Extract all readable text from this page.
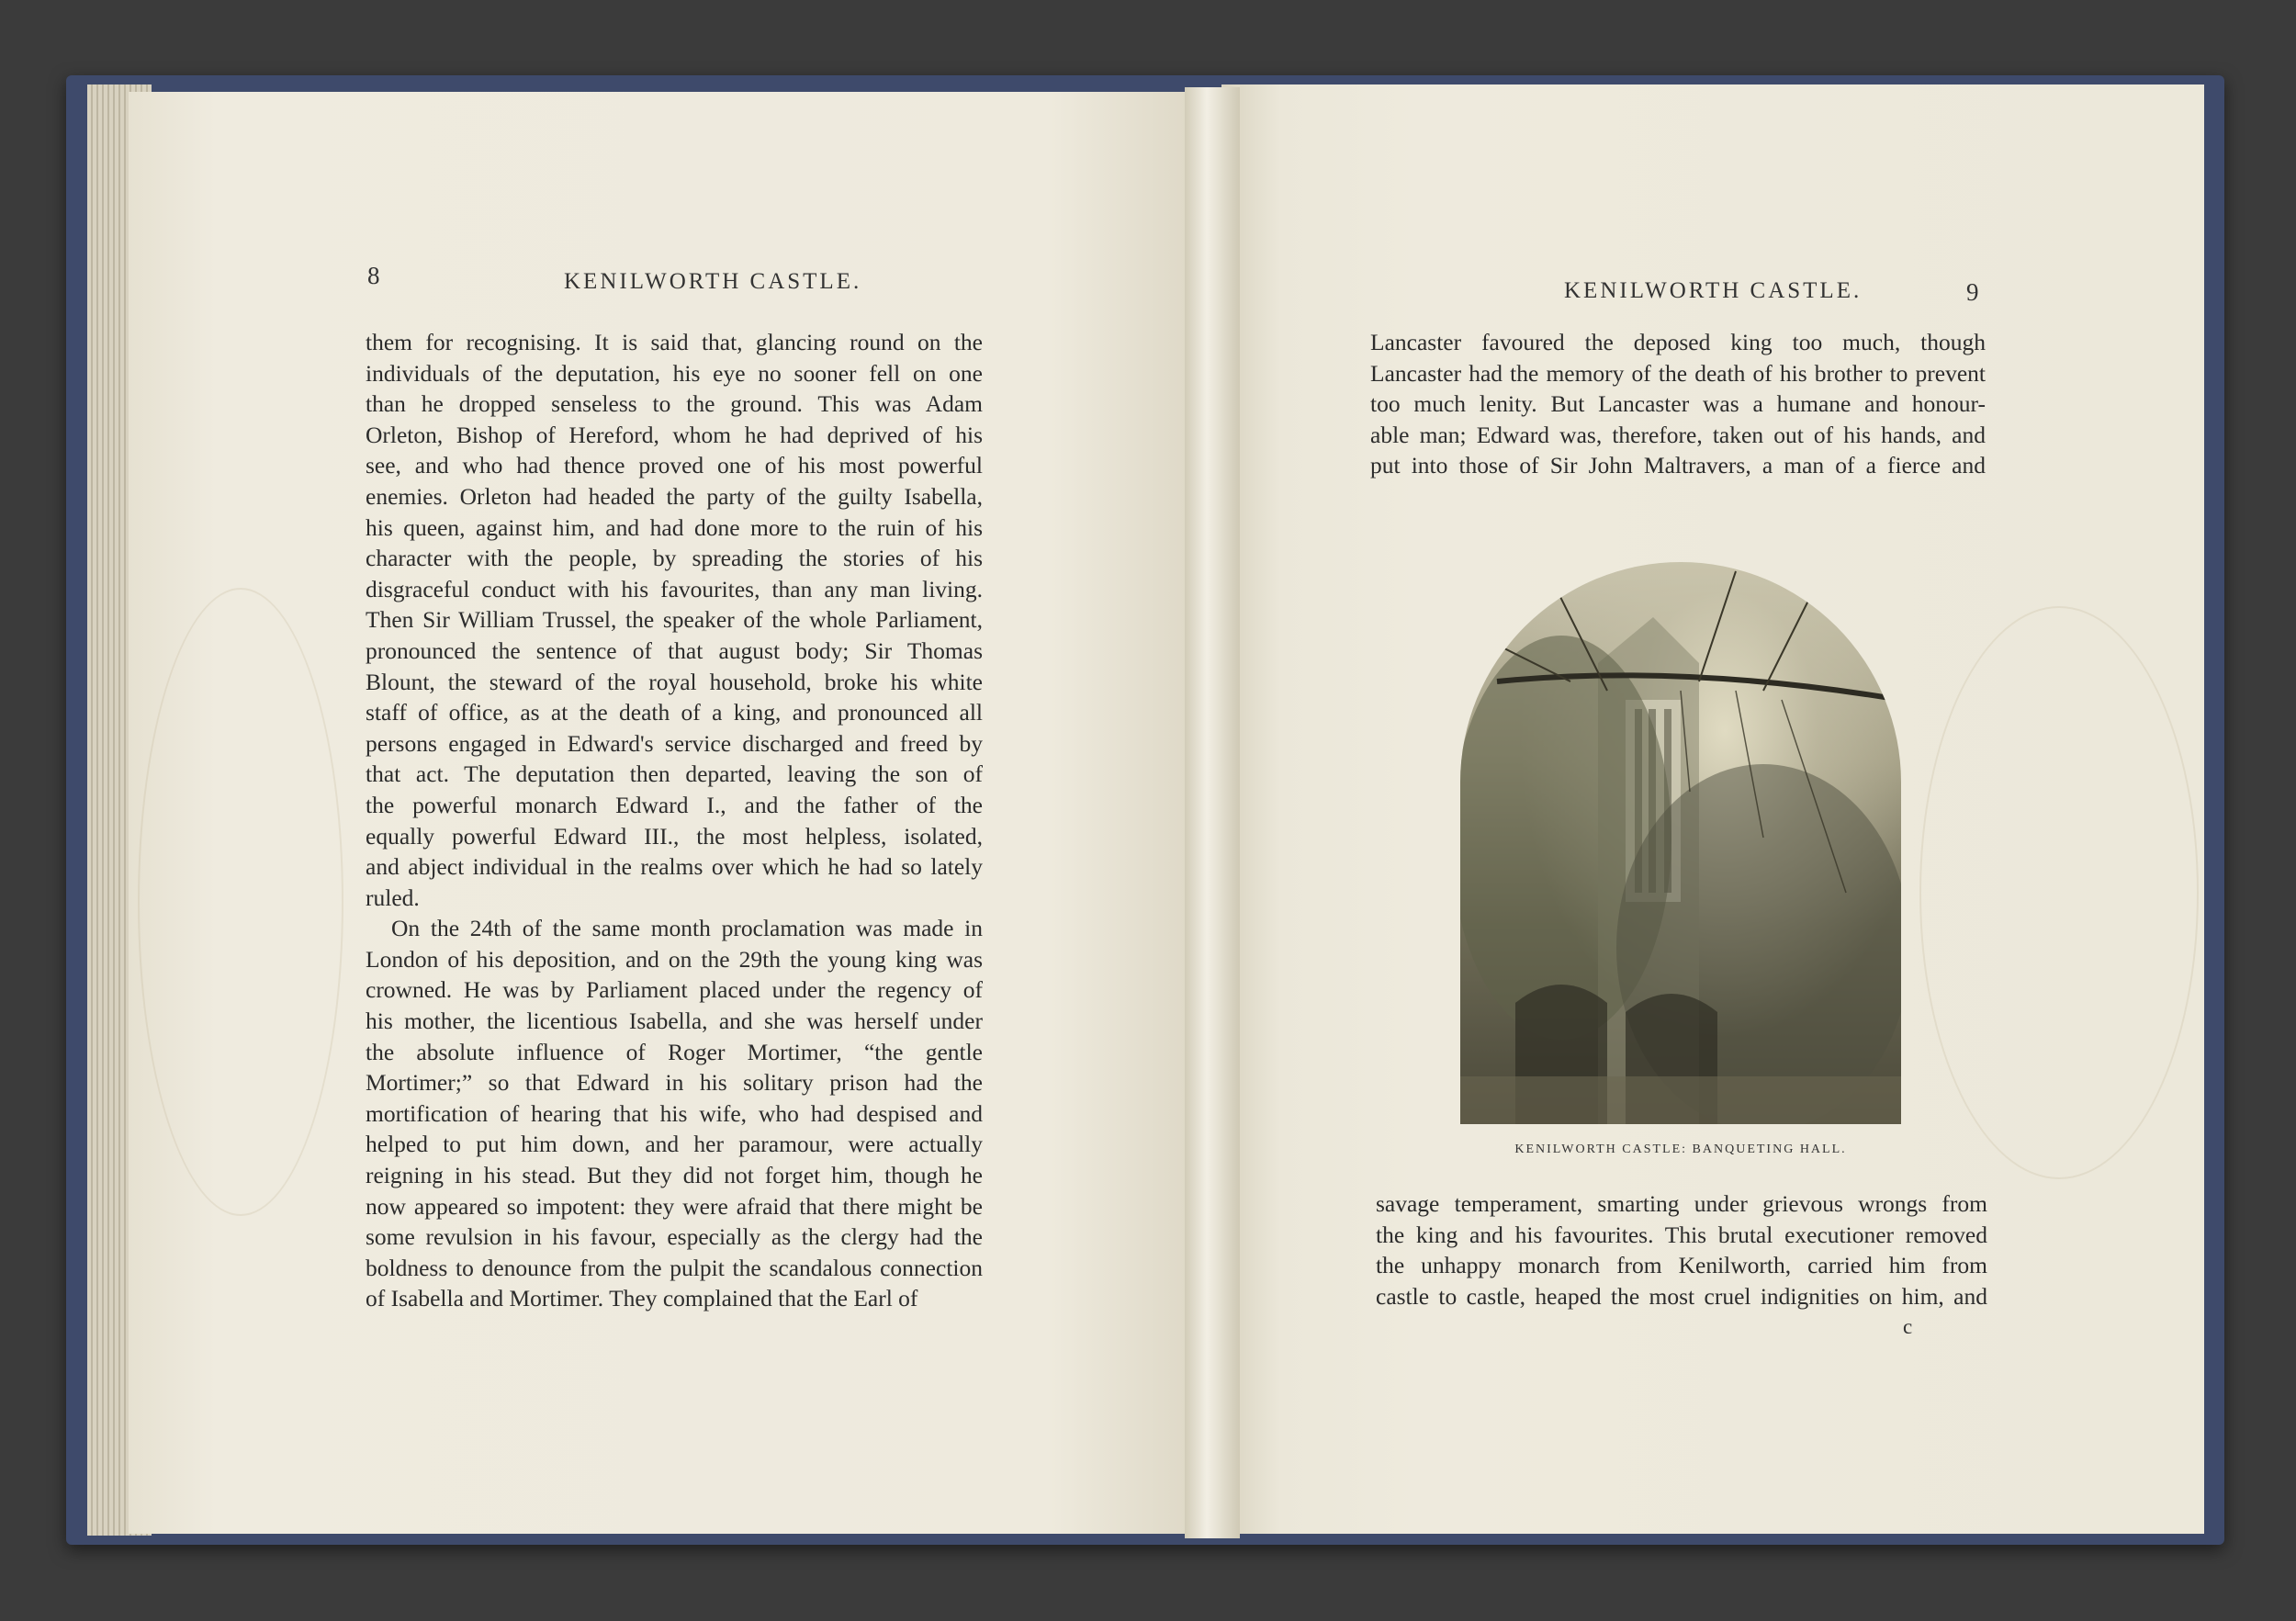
8	KENILWORTH CASTLE.
them for recognising. It is said that, glancing round on the
individuals of the deputation, his eye no sooner fell on one
than he dropped senseless to the ground. This was Adam
Orleton, Bishop of Hereford, whom he had deprived of his
see, and who had thence proved one of his most powerful
enemies. Orleton had headed the party of the guilty Isabella,
his queen, against him, and had done more to the ruin of his
character with the people, by spreading the stories of his
disgraceful conduct with his favourites, than any man living.
Then Sir William Trussel, the speaker of the whole Parliament,
pronounced the sentence of that august body; Sir Thomas
Blount, the steward of the royal household, broke his white
staff of office, as at the death of a king, and pronounced all
persons engaged in Edward's service discharged and freed by
that act. The deputation then departed, leaving the son of
the powerful monarch Edward I., and the father of the
equally powerful Edward III., the most helpless, isolated,
and abject individual in the realms over which he had so lately
ruled.
On the 24th of the same month proclamation was made in
London of his deposition, and on the 29th the young king was
crowned. He was by Parliament placed under the regency of
his mother, the licentious Isabella, and she was herself under
the absolute influence of Roger Mortimer, “the gentle
Mortimer;” so that Edward in his solitary prison had the
mortification of hearing that his wife, who had despised and
helped to put him down, and her paramour, were actually
reigning in his stead. But they did not forget him, though he
now appeared so impotent: they were afraid that there might be
some revulsion in his favour, especially as the clergy had the
boldness to denounce from the pulpit the scandalous connection
of Isabella and Mortimer. They complained that the Earl of
KENILWORTH CASTLE.	9
Lancaster favoured the deposed king too much, though
Lancaster had the memory of the death of his brother to prevent
too much lenity. But Lancaster was a humane and honour-
able man; Edward was, therefore, taken out of his hands, and
put into those of Sir John Maltravers, a man of a fierce and
KENILWORTH CASTLE: BANQUETING HALL.
savage temperament, smarting under grievous wrongs from
the king and his favourites. This brutal executioner removed
the unhappy monarch from Kenilworth, carried him from
castle to castle, heaped the most cruel indignities on him, and
c
